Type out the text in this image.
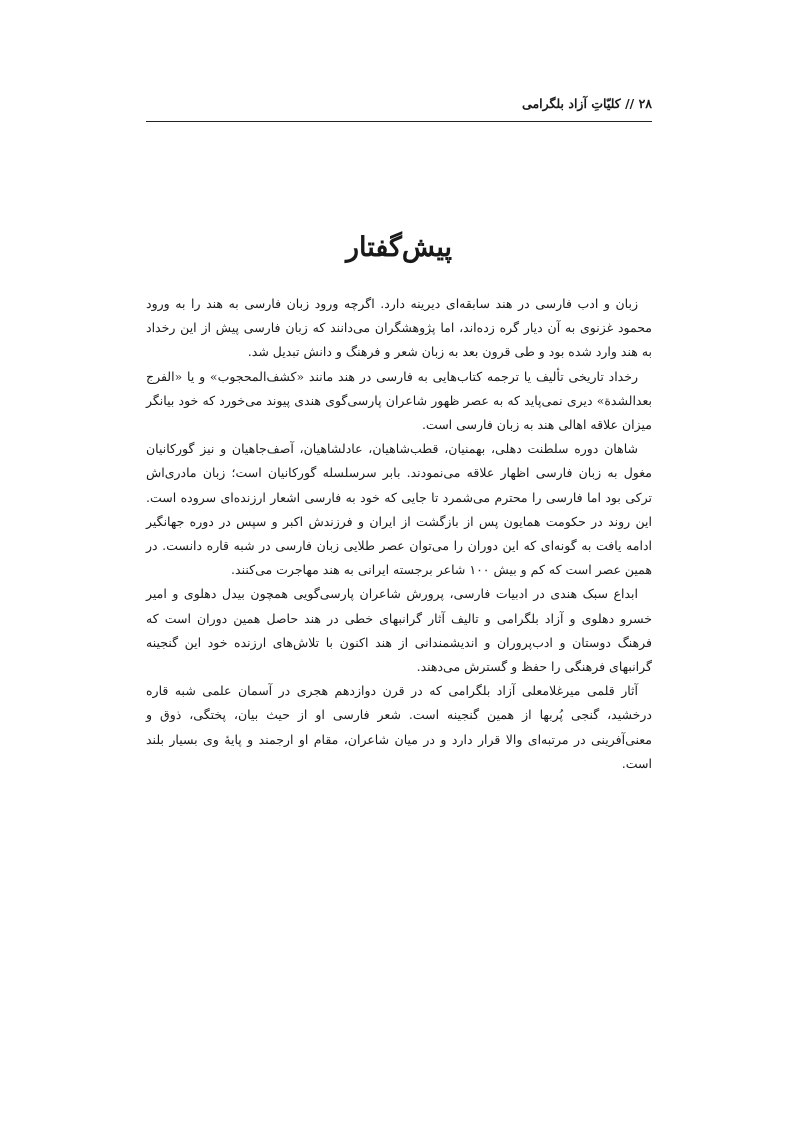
۲۸ // کلیّاتِ آزاد بلگرامی
پیش‌گفتار

زبان و ادب فارسی در هند سابقه‌ای دیرینه دارد. اگرچه ورود زبان فارسی به هند را به ورود محمود غزنوی به آن دیار گره زده‌اند، اما پژوهشگران می‌دانند که زبان فارسی پیش از این رخداد به هند وارد شده بود و طی قرون بعد به زبان شعر و فرهنگ و دانش تبدیل شد.

رخداد تاریخی تألیف یا ترجمه کتاب‌هایی به فارسی در هند مانند «کشف‌المحجوب» و یا «الفرج بعدالشدة» دیری نمی‌پاید که به عصر ظهور شاعران پارسی‌گوی هندی پیوند می‌خورد که خود بیانگر میزان علاقه اهالی هند به زبان فارسی است.

شاهان دوره سلطنت دهلی، بهمنیان، قطب‌شاهیان، عادلشاهیان، آصف‌جاهیان و نیز گورکانیان مغول به زبان فارسی اظهار علاقه می‌نمودند. بابر سرسلسله گورکانیان است؛ زبان مادری‌اش ترکی بود اما فارسی را محترم می‌شمرد تا جایی که خود به فارسی اشعار ارزنده‌ای سروده است. این روند در حکومت همایون پس از بازگشت از ایران و فرزندش اکبر و سپس در دوره جهانگیر ادامه یافت به گونه‌ای که این دوران را می‌توان عصر طلایی زبان فارسی در شبه قاره دانست. در همین عصر است که کم و بیش ۱۰۰ شاعر برجسته ایرانی به هند مهاجرت می‌کنند.

ابداع سبک هندی در ادبیات فارسی، پرورش شاعران پارسی‌گویی همچون بیدل دهلوی و امیر خسرو دهلوی و آزاد بلگرامی و تالیف آثار گرانبهای خطی در هند حاصل همین دوران است که فرهنگ دوستان و ادب‌پروران و اندیشمندانی از هند اکنون با تلاش‌های ارزنده خود این گنجینه گرانبهای فرهنگی را حفظ و گسترش می‌دهند.

آثار قلمی میرغلامعلی آزاد بلگرامی که در قرن دوازدهم هجری در آسمان علمی شبه قاره درخشید، گنجی پُربها از همین گنجینه است. شعر فارسی او از حیث بیان، پختگی، ذوق و معنی‌آفرینی در مرتبه‌ای والا قرار دارد و در میان شاعران، مقام او ارجمند و پایهٔ وی بسیار بلند است.
